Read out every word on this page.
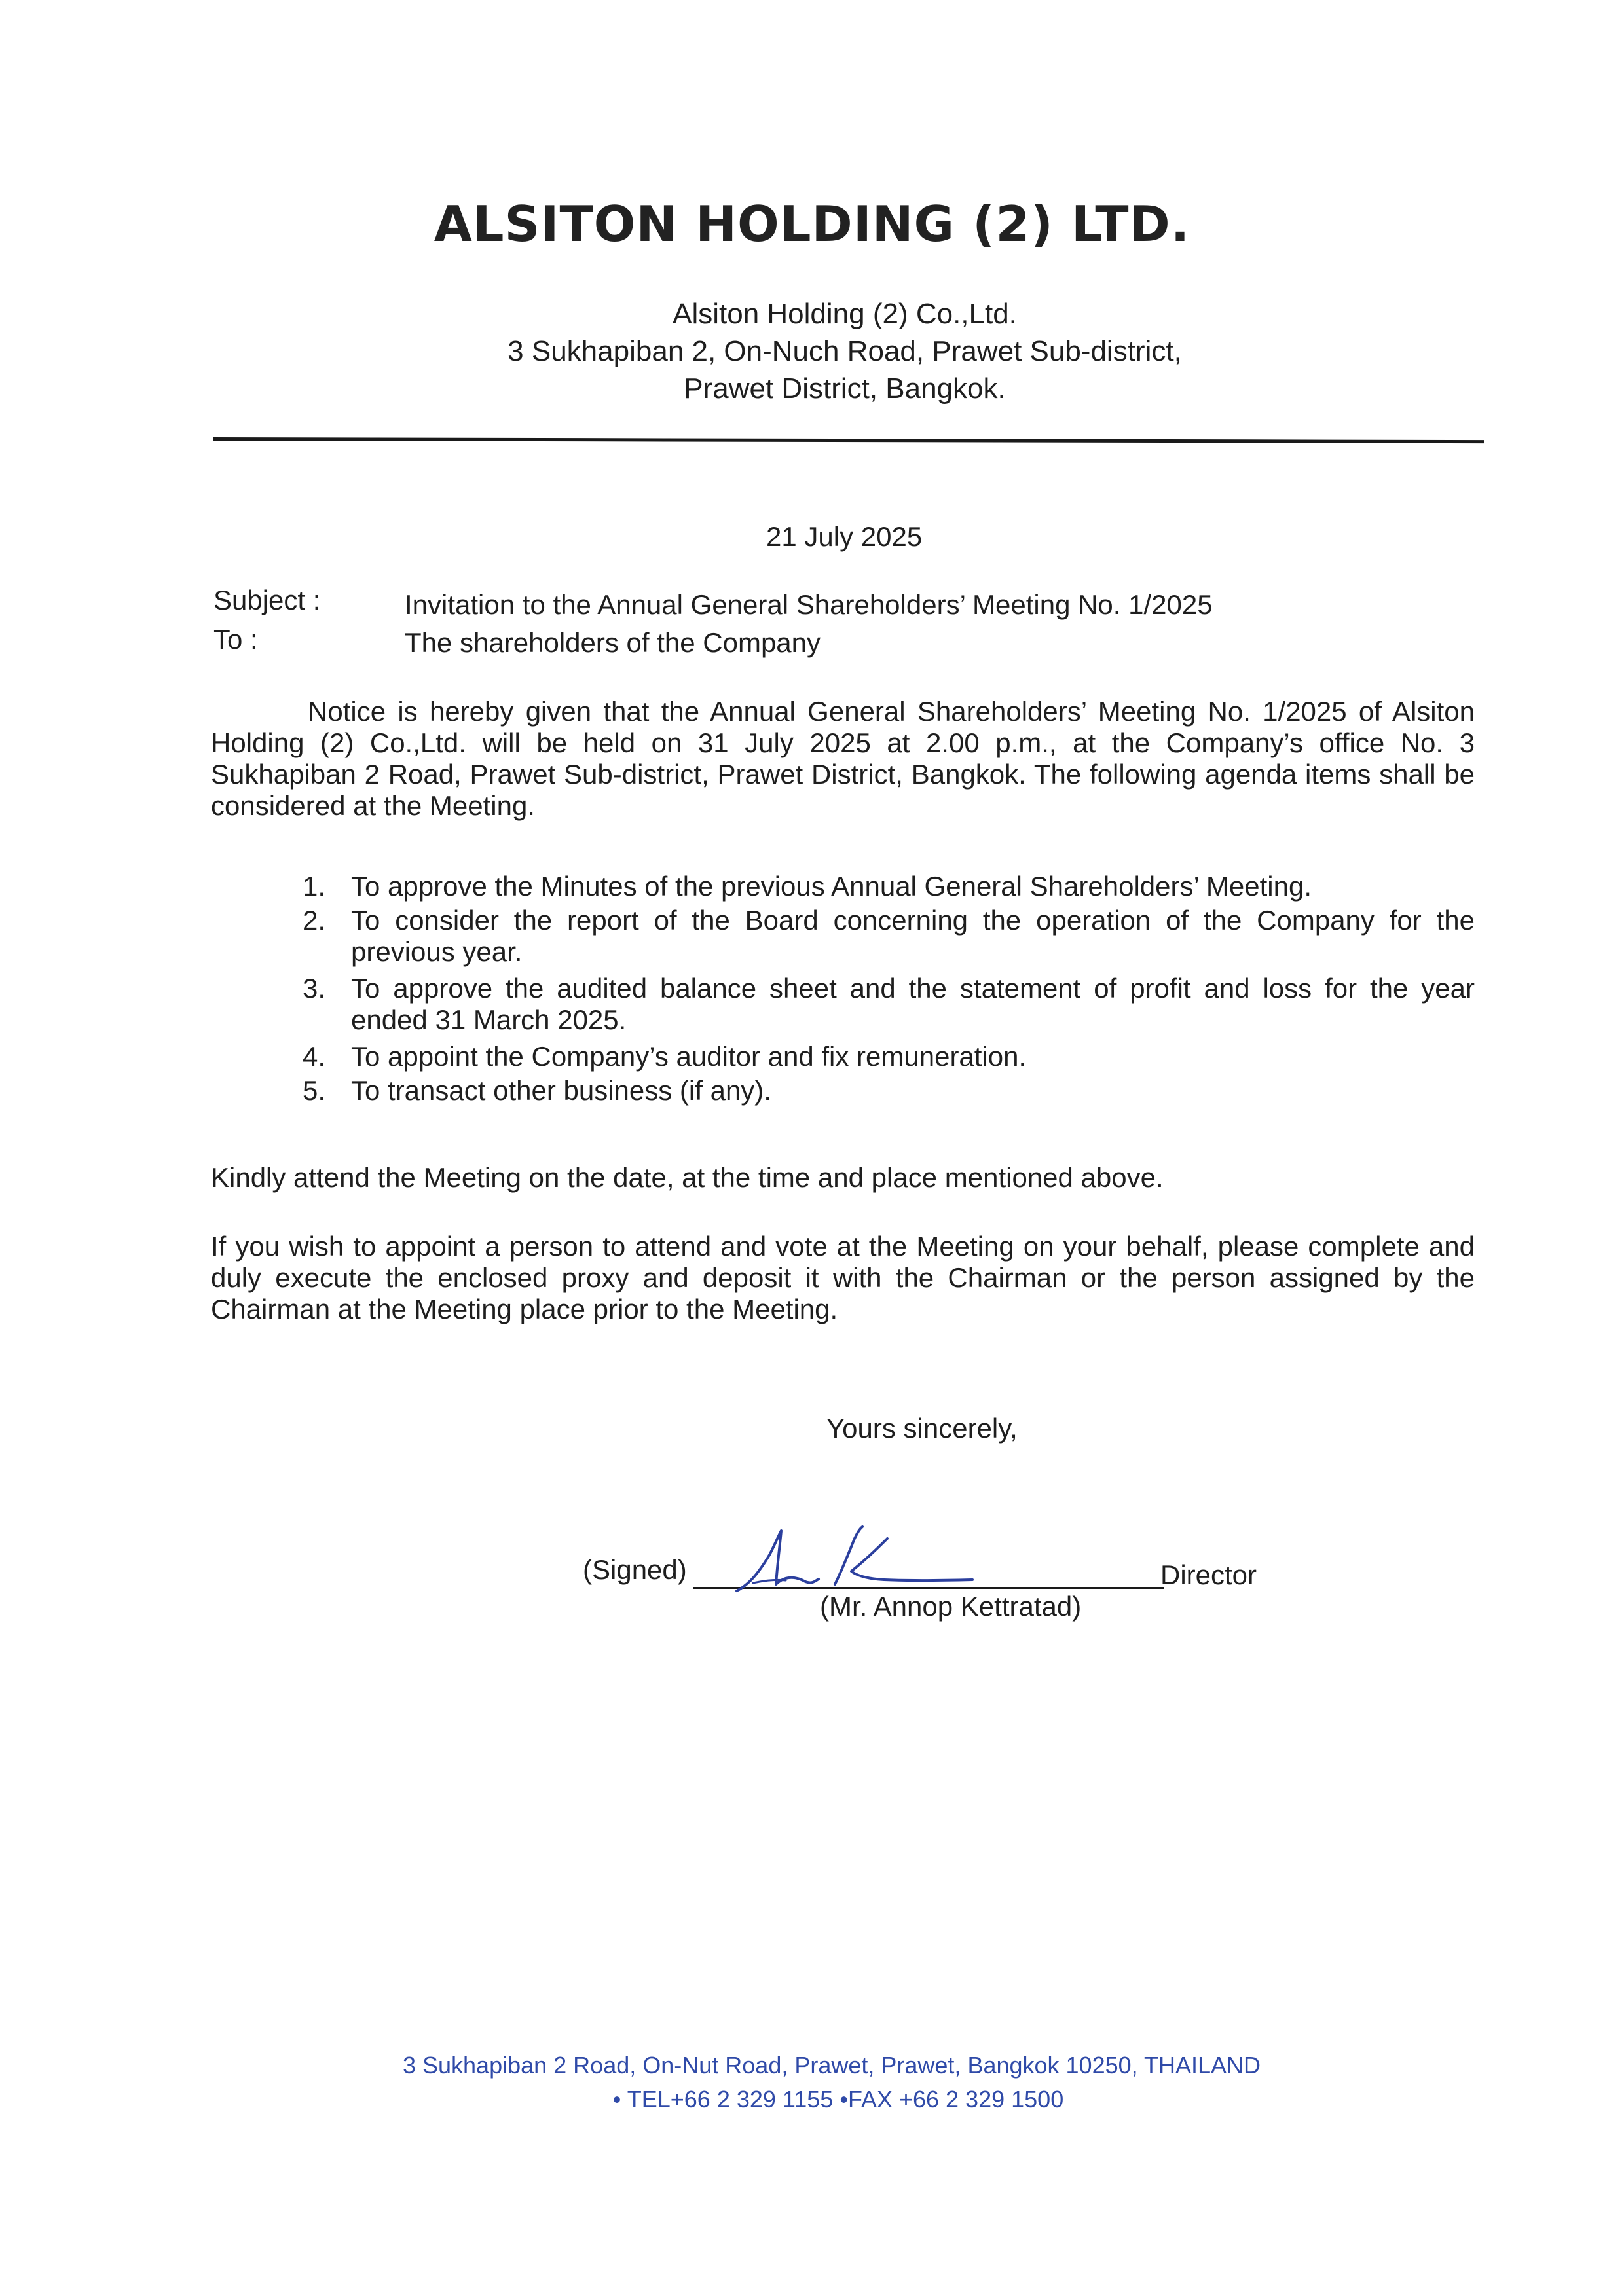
ALSITON HOLDING (2) LTD.
Alsiton Holding (2) Co.,Ltd.
3 Sukhapiban 2, On-Nuch Road, Prawet Sub-district,
Prawet District, Bangkok.
21 July 2025
Subject :	Invitation to the Annual General Shareholders’ Meeting No. 1/2025
To :	The shareholders of the Company
Notice is hereby given that the Annual General Shareholders’ Meeting No. 1/2025 of Alsiton Holding (2) Co.,Ltd. will be held on 31 July 2025 at 2.00 p.m., at the Company’s office No. 3 Sukhapiban 2 Road, Prawet Sub-district, Prawet District, Bangkok. The following agenda items shall be considered at the Meeting.
1. To approve the Minutes of the previous Annual General Shareholders’ Meeting.
2. To consider the report of the Board concerning the operation of the Company for the previous year.
3. To approve the audited balance sheet and the statement of profit and loss for the year ended 31 March 2025.
4. To appoint the Company’s auditor and fix remuneration.
5. To transact other business (if any).
Kindly attend the Meeting on the date, at the time and place mentioned above.
If you wish to appoint a person to attend and vote at the Meeting on your behalf, please complete and duly execute the enclosed proxy and deposit it with the Chairman or the person assigned by the Chairman at the Meeting place prior to the Meeting.
Yours sincerely,
(Signed)	Director
(Mr. Annop Kettratad)
3 Sukhapiban 2 Road, On-Nut Road, Prawet, Prawet, Bangkok 10250, THAILAND
• TEL+66 2 329 1155 •FAX +66 2 329 1500
